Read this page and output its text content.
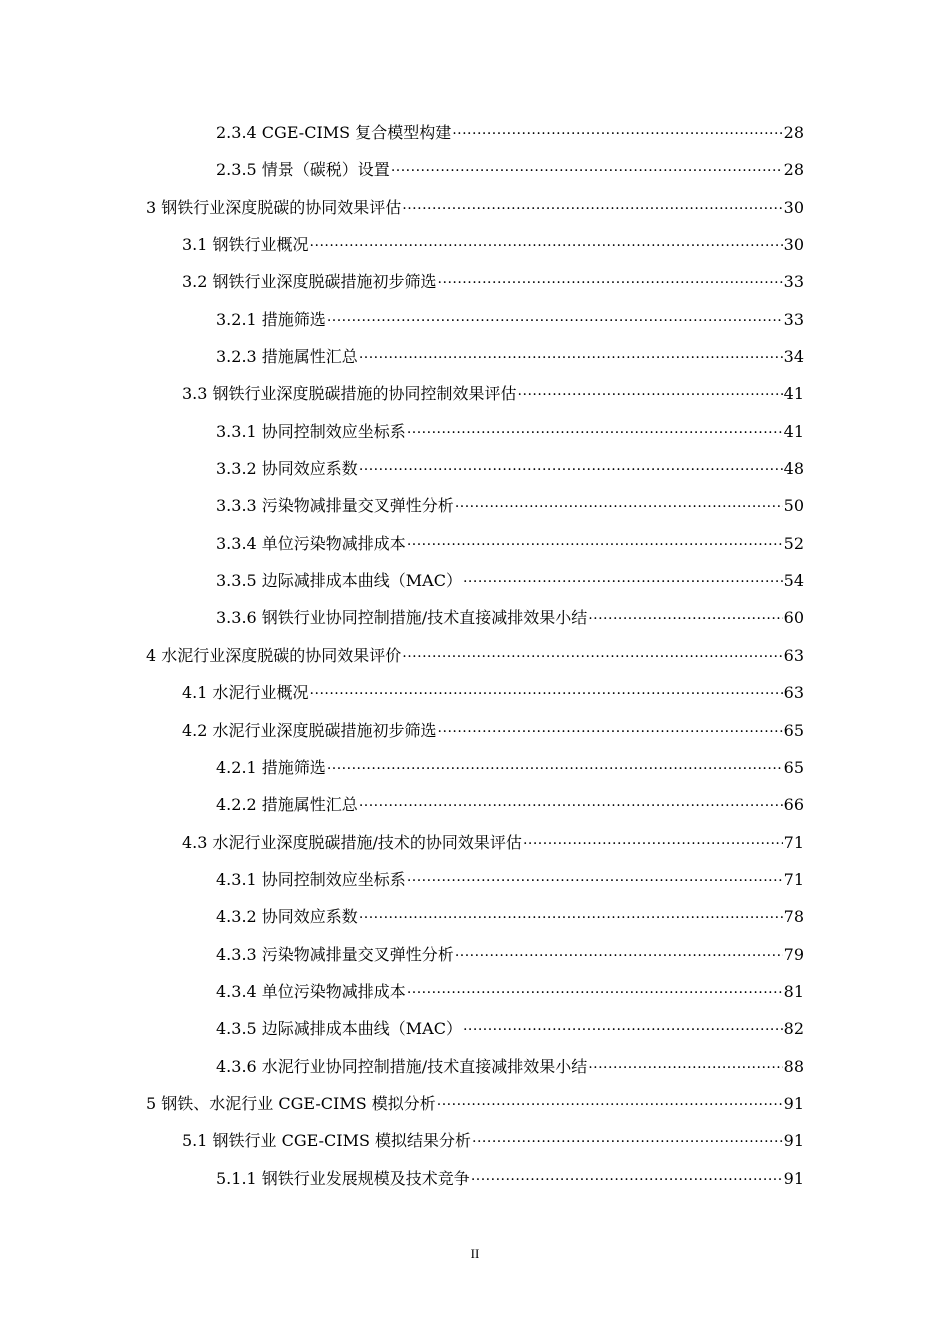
2.3.4 CGE-CIMS 复合模型构建 .....	28
2.3.5 情景（碳税）设置 .....	28
3 钢铁行业深度脱碳的协同效果评估 .....	30
3.1 钢铁行业概况 .....	30
3.2 钢铁行业深度脱碳措施初步筛选 .....	33
3.2.1 措施筛选 .....	33
3.2.3 措施属性汇总 .....	34
3.3 钢铁行业深度脱碳措施的协同控制效果评估 .....	41
3.3.1 协同控制效应坐标系 .....	41
3.3.2 协同效应系数 .....	48
3.3.3 污染物减排量交叉弹性分析 .....	50
3.3.4 单位污染物减排成本 .....	52
3.3.5 边际减排成本曲线（MAC） .....	54
3.3.6 钢铁行业协同控制措施/技术直接减排效果小结 .....	60
4 水泥行业深度脱碳的协同效果评价 .....	63
4.1 水泥行业概况 .....	63
4.2 水泥行业深度脱碳措施初步筛选 .....	65
4.2.1 措施筛选 .....	65
4.2.2 措施属性汇总 .....	66
4.3 水泥行业深度脱碳措施/技术的协同效果评估 .....	71
4.3.1 协同控制效应坐标系 .....	71
4.3.2 协同效应系数 .....	78
4.3.3 污染物减排量交叉弹性分析 .....	79
4.3.4 单位污染物减排成本 .....	81
4.3.5 边际减排成本曲线（MAC） .....	82
4.3.6 水泥行业协同控制措施/技术直接减排效果小结 .....	88
5 钢铁、水泥行业 CGE-CIMS 模拟分析 .....	91
5.1 钢铁行业 CGE-CIMS 模拟结果分析 .....	91
5.1.1 钢铁行业发展规模及技术竞争 .....	91
II
